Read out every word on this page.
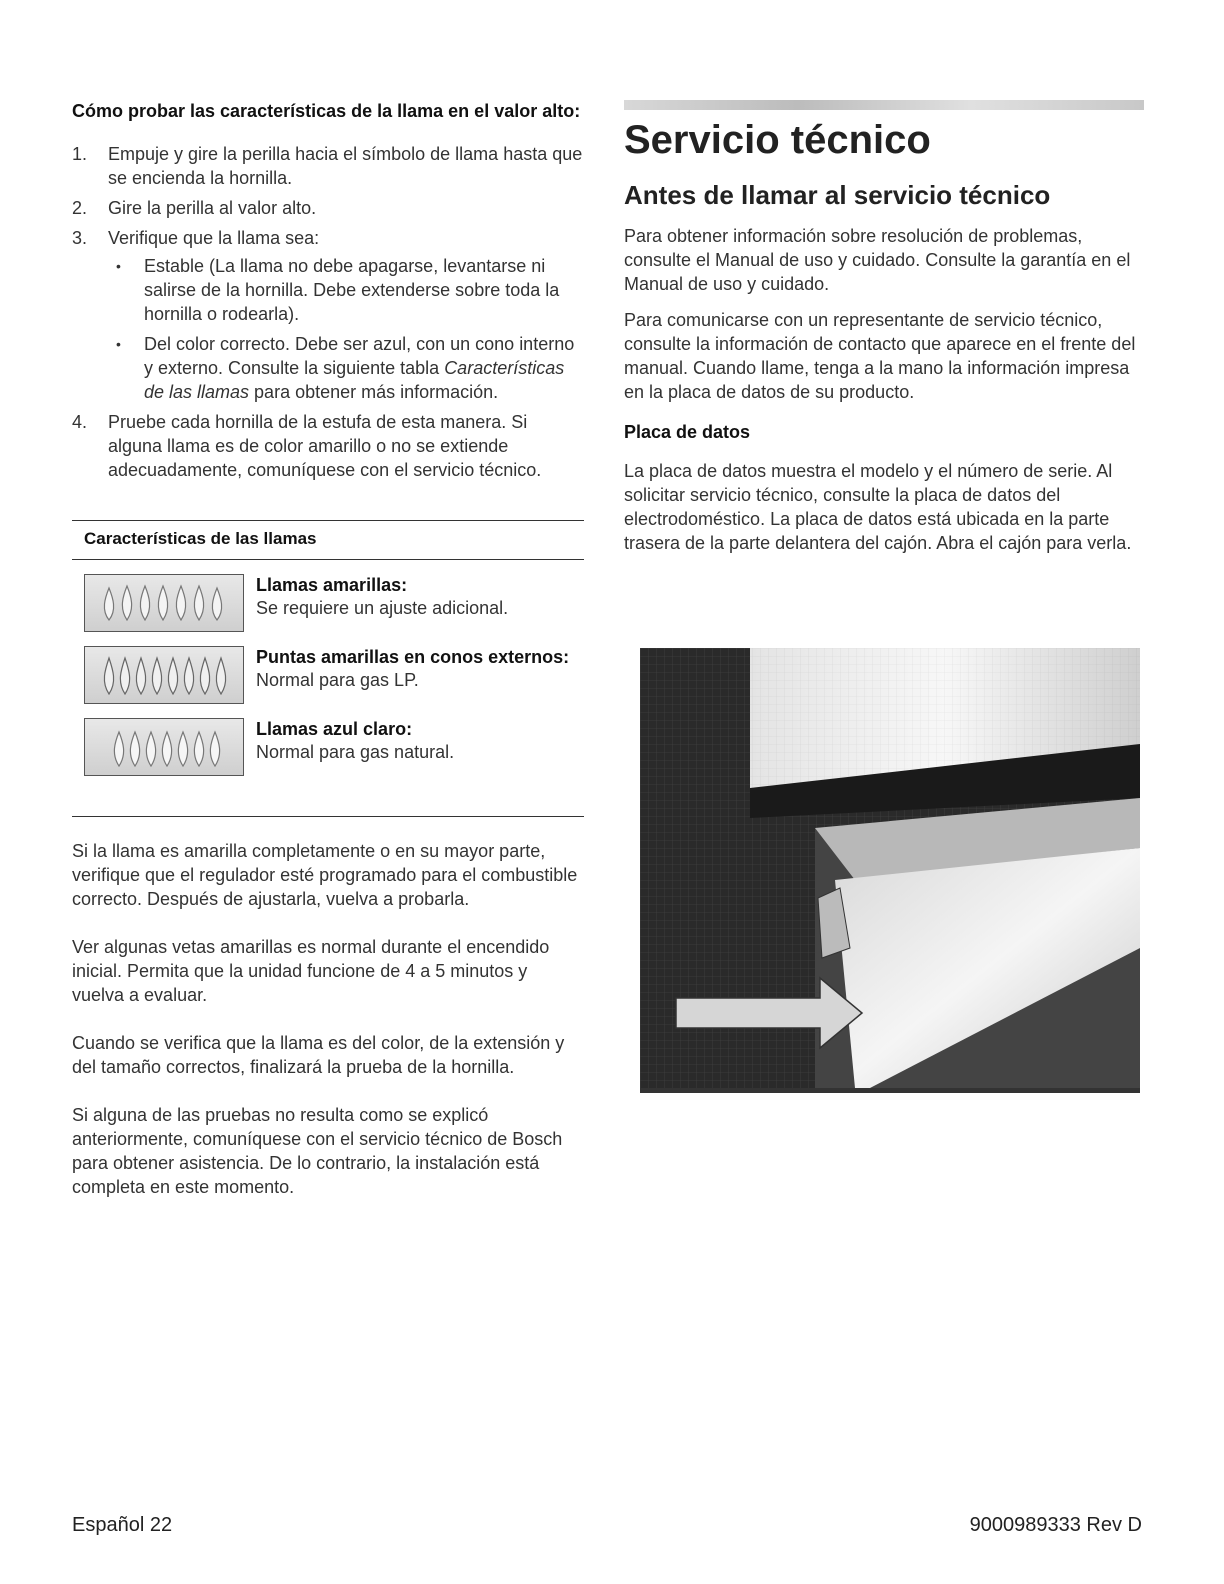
Cómo probar las características de la llama en el valor alto:
1. Empuje y gire la perilla hacia el símbolo de llama hasta que se encienda la hornilla.
2. Gire la perilla al valor alto.
3. Verifique que la llama sea:
• Estable (La llama no debe apagarse, levantarse ni salirse de la hornilla. Debe extenderse sobre toda la hornilla o rodearla).
• Del color correcto. Debe ser azul, con un cono interno y externo. Consulte la siguiente tabla Características de las llamas para obtener más información.
4. Pruebe cada hornilla de la estufa de esta manera. Si alguna llama es de color amarillo o no se extiende adecuadamente, comuníquese con el servicio técnico.
Características de las llamas
Llamas amarillas:
Se requiere un ajuste adicional.
Puntas amarillas en conos externos:
Normal para gas LP.
Llamas azul claro:
Normal para gas natural.

Si la llama es amarilla completamente o en su mayor parte, verifique que el regulador esté programado para el combustible correcto. Después de ajustarla, vuelva a probarla.

Ver algunas vetas amarillas es normal durante el encendido inicial. Permita que la unidad funcione de 4 a 5 minutos y vuelva a evaluar.

Cuando se verifica que la llama es del color, de la extensión y del tamaño correctos, finalizará la prueba de la hornilla.

Si alguna de las pruebas no resulta como se explicó anteriormente, comuníquese con el servicio técnico de Bosch para obtener asistencia. De lo contrario, la instalación está completa en este momento.

Servicio técnico
Antes de llamar al servicio técnico

Para obtener información sobre resolución de problemas, consulte el Manual de uso y cuidado. Consulte la garantía en el Manual de uso y cuidado.

Para comunicarse con un representante de servicio técnico, consulte la información de contacto que aparece en el frente del manual. Cuando llame, tenga a la mano la información impresa en la placa de datos de su producto.

Placa de datos

La placa de datos muestra el modelo y el número de serie. Al solicitar servicio técnico, consulte la placa de datos del electrodoméstico. La placa de datos está ubicada en la parte trasera de la parte delantera del cajón. Abra el cajón para verla.

Español 22	9000989333 Rev D
